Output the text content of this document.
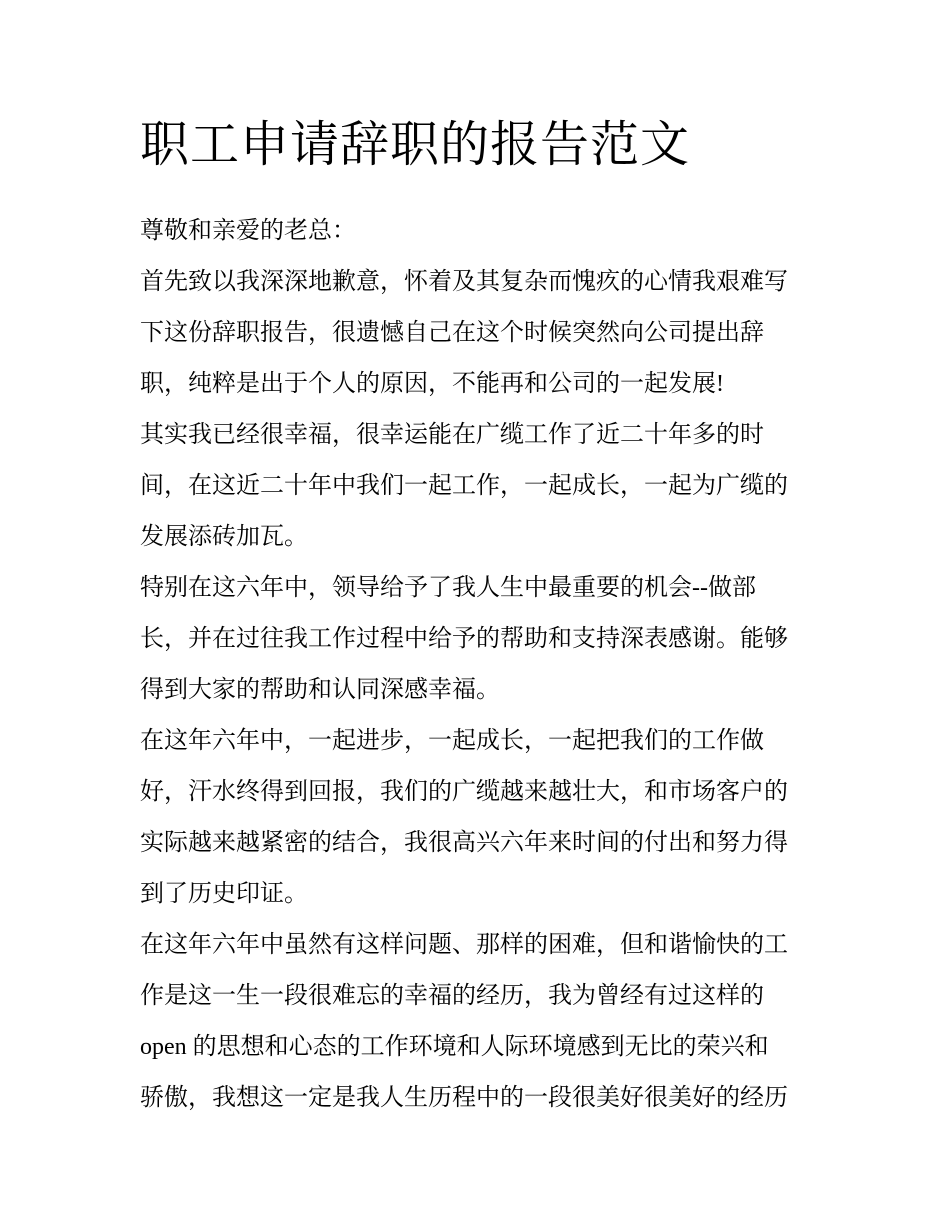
职工申请辞职的报告范文

尊敬和亲爱的老总：

首先致以我深深地歉意，怀着及其复杂而愧疚的心情我艰难写
下这份辞职报告，很遗憾自己在这个时候突然向公司提出辞
职，纯粹是出于个人的原因，不能再和公司的一起发展!

其实我已经很幸福，很幸运能在广缆工作了近二十年多的时
间，在这近二十年中我们一起工作，一起成长，一起为广缆的
发展添砖加瓦。

特别在这六年中，领导给予了我人生中最重要的机会--做部
长，并在过往我工作过程中给予的帮助和支持深表感谢。能够
得到大家的帮助和认同深感幸福。

在这年六年中，一起进步，一起成长，一起把我们的工作做
好，汗水终得到回报，我们的广缆越来越壮大，和市场客户的
实际越来越紧密的结合，我很高兴六年来时间的付出和努力得
到了历史印证。

在这年六年中虽然有这样问题、那样的困难，但和谐愉快的工
作是这一生一段很难忘的幸福的经历，我为曾经有过这样的
open 的思想和心态的工作环境和人际环境感到无比的荣兴和
骄傲，我想这一定是我人生历程中的一段很美好很美好的经历
